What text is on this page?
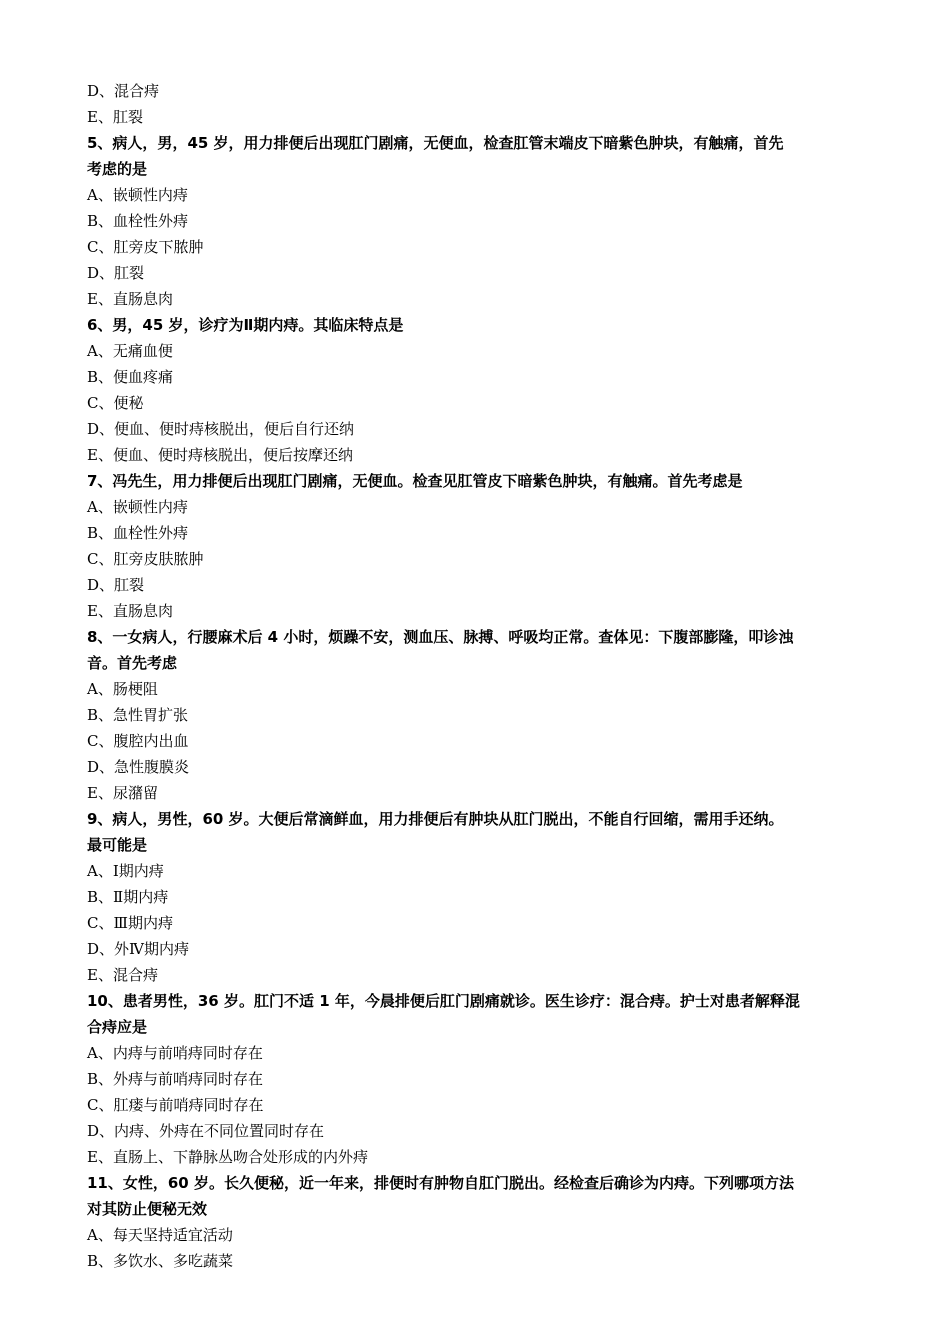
D、混合痔

E、肛裂

5、病人，男，45 岁，用力排便后出现肛门剧痛，无便血，检查肛管末端皮下暗紫色肿块，有触痛，首先

考虑的是

A、嵌顿性内痔

B、血栓性外痔

C、肛旁皮下脓肿

D、肛裂

E、直肠息肉

6、男，45 岁，诊疗为Ⅱ期内痔。其临床特点是

A、无痛血便

B、便血疼痛

C、便秘

D、便血、便时痔核脱出，便后自行还纳

E、便血、便时痔核脱出，便后按摩还纳

7、冯先生，用力排便后出现肛门剧痛，无便血。检查见肛管皮下暗紫色肿块，有触痛。首先考虑是

A、嵌顿性内痔

B、血栓性外痔

C、肛旁皮肤脓肿

D、肛裂

E、直肠息肉

8、一女病人，行腰麻术后 4 小时，烦躁不安，测血压、脉搏、呼吸均正常。查体见：下腹部膨隆，叩诊浊

音。首先考虑

A、肠梗阻

B、急性胃扩张

C、腹腔内出血

D、急性腹膜炎

E、尿潴留

9、病人，男性，60 岁。大便后常滴鲜血，用力排便后有肿块从肛门脱出，不能自行回缩，需用手还纳。

最可能是

A、Ⅰ期内痔

B、Ⅱ期内痔

C、Ⅲ期内痔

D、外Ⅳ期内痔

E、混合痔

10、患者男性，36 岁。肛门不适 1 年，今晨排便后肛门剧痛就诊。医生诊疗：混合痔。护士对患者解释混

合痔应是

A、内痔与前哨痔同时存在

B、外痔与前哨痔同时存在

C、肛瘘与前哨痔同时存在

D、内痔、外痔在不同位置同时存在

E、直肠上、下静脉丛吻合处形成的内外痔

11、女性，60 岁。长久便秘，近一年来，排便时有肿物自肛门脱出。经检查后确诊为内痔。下列哪项方法

对其防止便秘无效

A、每天坚持适宜活动

B、多饮水、多吃蔬菜
